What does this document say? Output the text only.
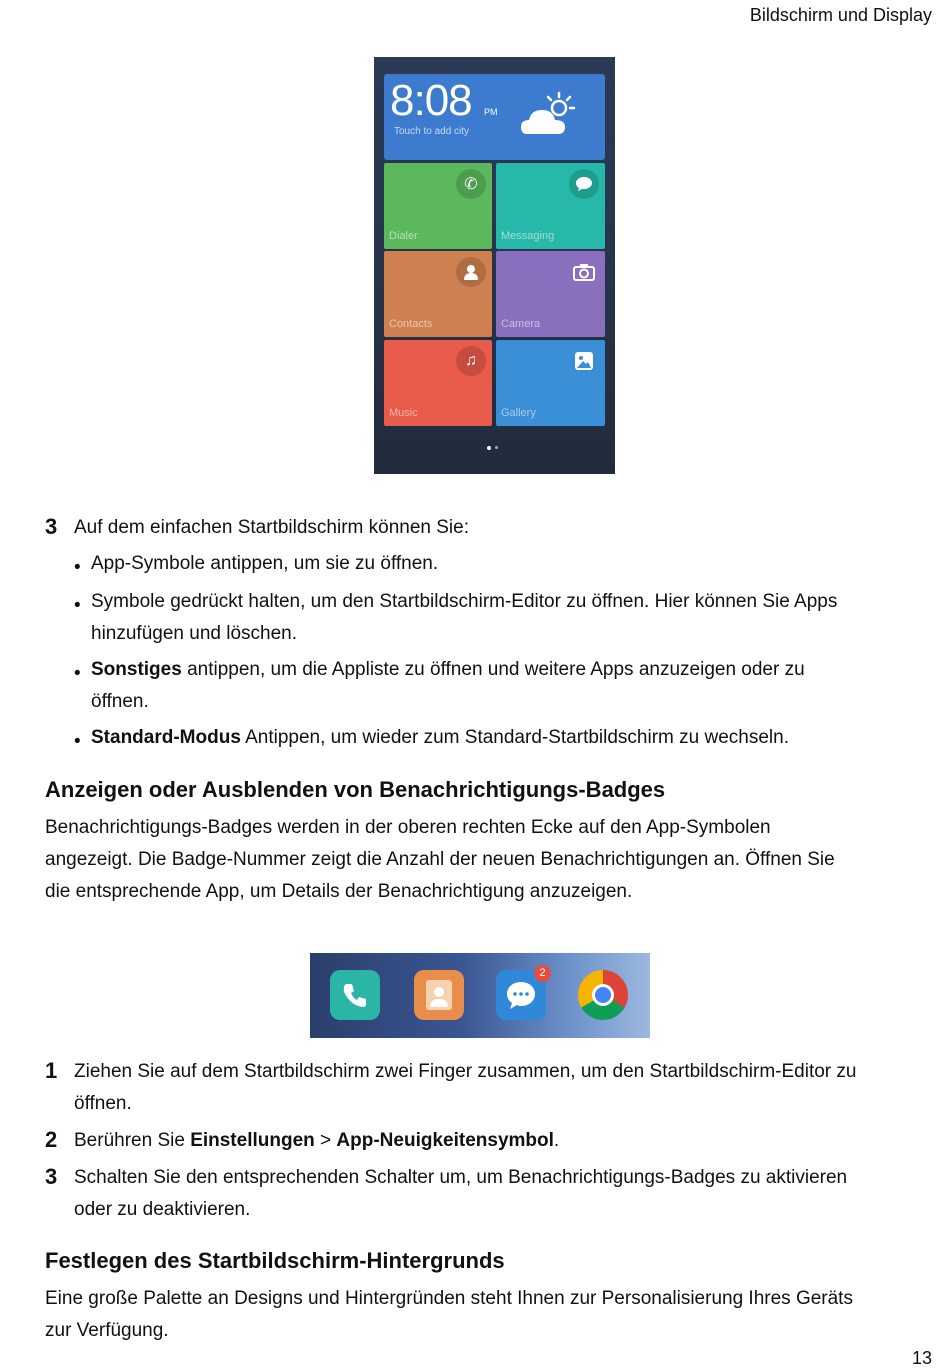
Bildschirm und Display
8:08 PM
Touch to add city
✆
Dialer	Messaging
Contacts	Camera
♫
Music	Gallery
3 Auf dem einfachen Startbildschirm können Sie:
• App-Symbole antippen, um sie zu öffnen.
• Symbole gedrückt halten, um den Startbildschirm-Editor zu öffnen. Hier können Sie Apps
hinzufügen und löschen.
• Sonstiges antippen, um die Appliste zu öffnen und weitere Apps anzuzeigen oder zu
öffnen.
• Standard-Modus Antippen, um wieder zum Standard-Startbildschirm zu wechseln.
Anzeigen oder Ausblenden von Benachrichtigungs-Badges
Benachrichtigungs-Badges werden in der oberen rechten Ecke auf den App-Symbolen
angezeigt. Die Badge-Nummer zeigt die Anzahl der neuen Benachrichtigungen an. Öffnen Sie
die entsprechende App, um Details der Benachrichtigung anzuzeigen.
2
1 Ziehen Sie auf dem Startbildschirm zwei Finger zusammen, um den Startbildschirm-Editor zu
öffnen.
2 Berühren Sie Einstellungen > App-Neuigkeitensymbol.
3 Schalten Sie den entsprechenden Schalter um, um Benachrichtigungs-Badges zu aktivieren
oder zu deaktivieren.
Festlegen des Startbildschirm-Hintergrunds
Eine große Palette an Designs und Hintergründen steht Ihnen zur Personalisierung Ihres Geräts
zur Verfügung.
13
